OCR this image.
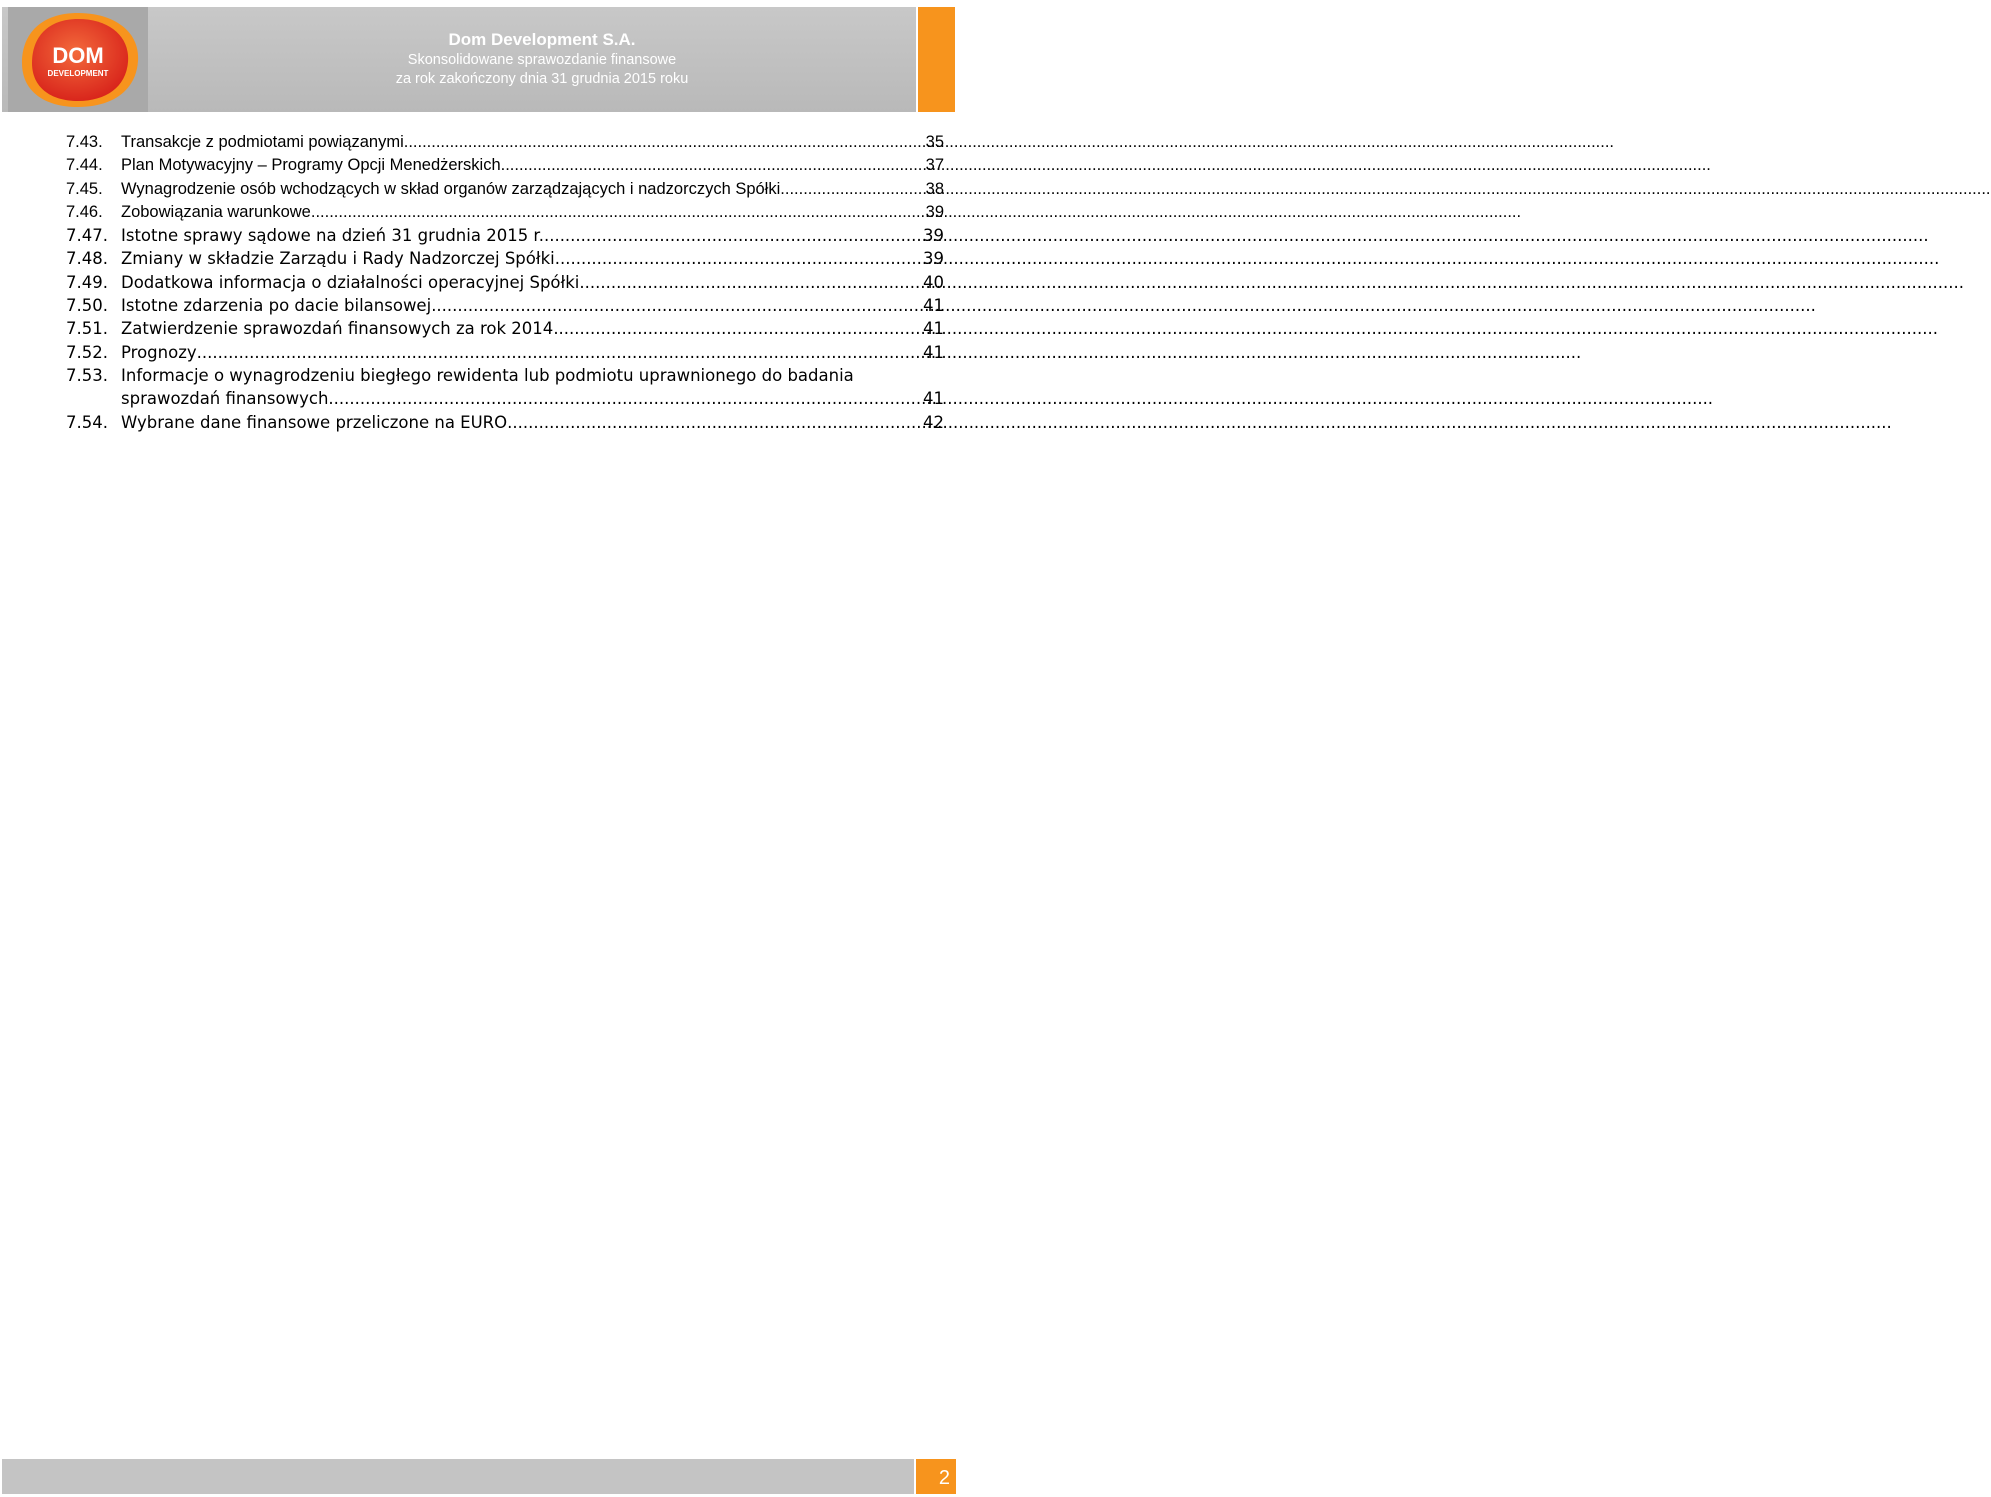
DOM
DEVELOPMENT
Dom Development S.A.
Skonsolidowane sprawozdanie finansowe
za rok zakończony dnia 31 grudnia 2015 roku
7.43.	Transakcje z podmiotami powiązanymi .....	35
7.44.	Plan Motywacyjny – Programy Opcji Menedżerskich .....	37
7.45.	Wynagrodzenie osób wchodzących w skład organów zarządzających i nadzorczych Spółki .....	38
7.46.	Zobowiązania warunkowe .....	39
7.47. Istotne sprawy sądowe na dzień 31 grudnia 2015 r. .....	39
7.48. Zmiany w składzie Zarządu i Rady Nadzorczej Spółki .....	39
7.49. Dodatkowa informacja o działalności operacyjnej Spółki .....	40
7.50. Istotne zdarzenia po dacie bilansowej .....	41
7.51. Zatwierdzenie sprawozdań finansowych za rok 2014 .....	41
7.52. Prognozy .....	41
7.53. Informacje o wynagrodzeniu biegłego rewidenta lub podmiotu uprawnionego do badania
sprawozdań finansowych .....	41
7.54. Wybrane dane finansowe przeliczone na EURO .....	42
2
